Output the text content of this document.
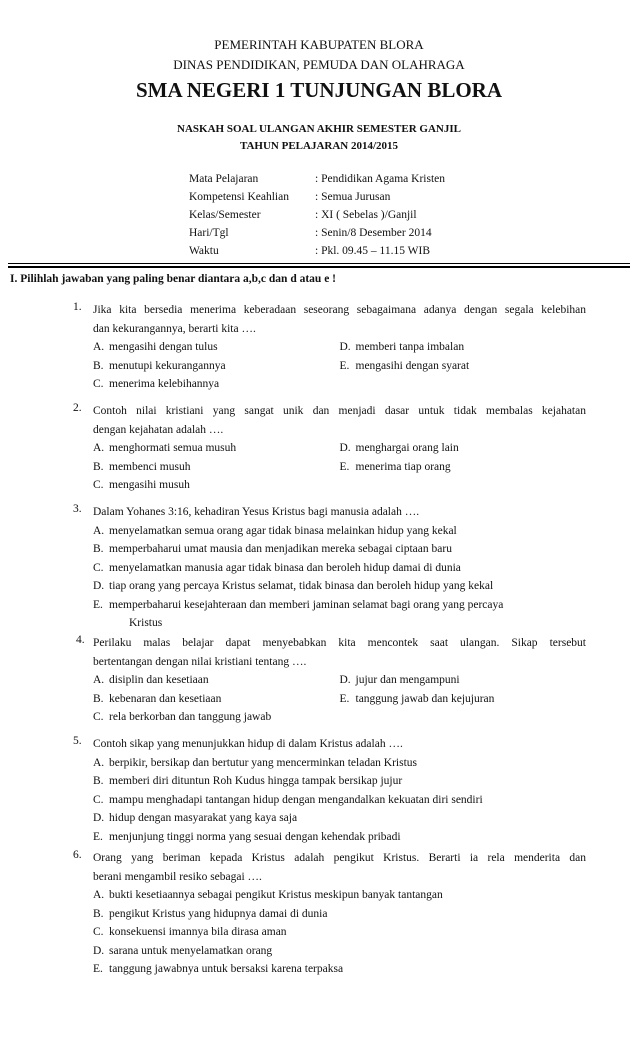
PEMERINTAH KABUPATEN BLORA
DINAS PENDIDIKAN, PEMUDA DAN OLAHRAGA
SMA NEGERI 1 TUNJUNGAN BLORA
NASKAH SOAL ULANGAN AKHIR SEMESTER GANJIL
TAHUN PELAJARAN 2014/2015
Mata Pelajaran	: Pendidikan Agama Kristen
Kompetensi Keahlian	: Semua Jurusan
Kelas/Semester	: XI ( Sebelas )/Ganjil
Hari/Tgl	: Senin/8 Desember 2014
Waktu	: Pkl. 09.45 – 11.15 WIB
I. Pilihlah jawaban yang paling benar diantara a,b,c dan d atau e !
1. Jika kita bersedia menerima keberadaan seseorang sebagaimana adanya dengan segala kelebihan
dan kekurangannya, berarti kita ….
A. mengasihi dengan tulus	D. memberi tanpa imbalan
B. menutupi kekurangannya	E. mengasihi dengan syarat
C. menerima kelebihannya
2. Contoh nilai kristiani yang sangat unik dan menjadi dasar untuk tidak membalas kejahatan
dengan kejahatan adalah ….
A. menghormati semua musuh	D. menghargai orang lain
B. membenci musuh	E. menerima tiap orang
C. mengasihi musuh
3. Dalam Yohanes 3:16, kehadiran Yesus Kristus bagi manusia adalah ….
A. menyelamatkan semua orang agar tidak binasa melainkan hidup yang kekal
B. memperbaharui umat mausia dan menjadikan mereka sebagai ciptaan baru
C. menyelamatkan manusia agar tidak binasa dan beroleh hidup damai di dunia
D. tiap orang yang percaya Kristus selamat, tidak binasa dan beroleh hidup yang kekal
E. memperbaharui kesejahteraan dan memberi jaminan selamat bagi orang yang percaya
Kristus
4. Perilaku malas belajar dapat menyebabkan kita mencontek saat ulangan. Sikap tersebut
bertentangan dengan nilai kristiani tentang ….
A. disiplin dan kesetiaan	D. jujur dan mengampuni
B. kebenaran dan kesetiaan	E. tanggung jawab dan kejujuran
C. rela berkorban dan tanggung jawab
5. Contoh sikap yang menunjukkan hidup di dalam Kristus adalah ….
A. berpikir, bersikap dan bertutur yang mencerminkan teladan Kristus
B. memberi diri dituntun Roh Kudus hingga tampak bersikap jujur
C. mampu menghadapi tantangan hidup dengan mengandalkan kekuatan diri sendiri
D. hidup dengan masyarakat yang kaya saja
E. menjunjung tinggi norma yang sesuai dengan kehendak pribadi
6. Orang yang beriman kepada Kristus adalah pengikut Kristus. Berarti ia rela menderita dan
berani mengambil resiko sebagai ….
A. bukti kesetiaannya sebagai pengikut Kristus meskipun banyak tantangan
B. pengikut Kristus yang hidupnya damai di dunia
C. konsekuensi imannya bila dirasa aman
D. sarana untuk menyelamatkan orang
E. tanggung jawabnya untuk bersaksi karena terpaksa
